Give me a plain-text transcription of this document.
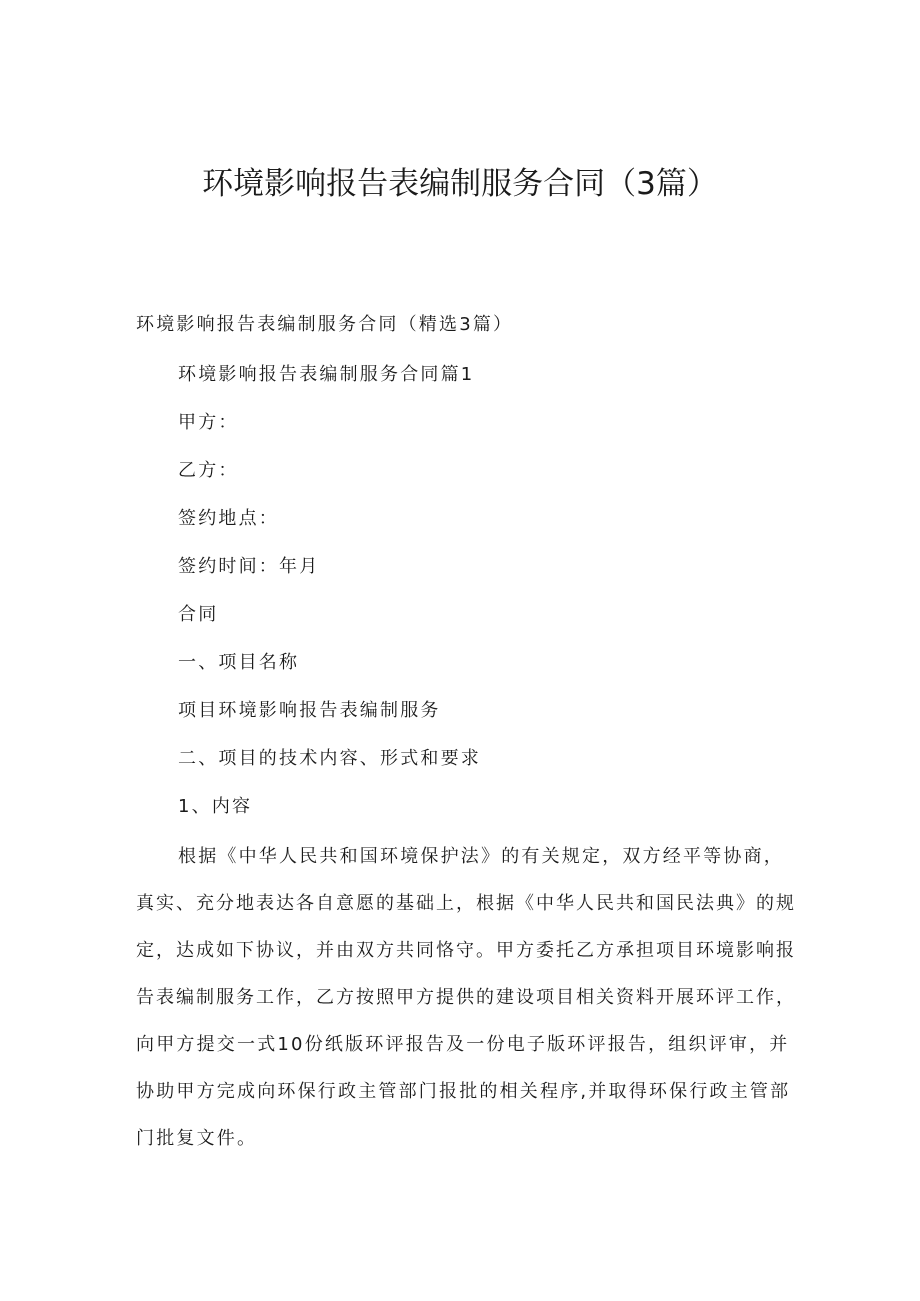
环境影响报告表编制服务合同（3篇）

环境影响报告表编制服务合同（精选3篇）

环境影响报告表编制服务合同篇1

甲方：

乙方：

签约地点：

签约时间：年月

合同

一、项目名称

项目环境影响报告表编制服务

二、项目的技术内容、形式和要求

1、内容

根据《中华人民共和国环境保护法》的有关规定，双方经平等协商，

真实、充分地表达各自意愿的基础上，根据《中华人民共和国民法典》的规

定，达成如下协议，并由双方共同恪守。甲方委托乙方承担项目环境影响报

告表编制服务工作，乙方按照甲方提供的建设项目相关资料开展环评工作，

向甲方提交一式10份纸版环评报告及一份电子版环评报告，组织评审，并

协助甲方完成向环保行政主管部门报批的相关程序,并取得环保行政主管部

门批复文件。
